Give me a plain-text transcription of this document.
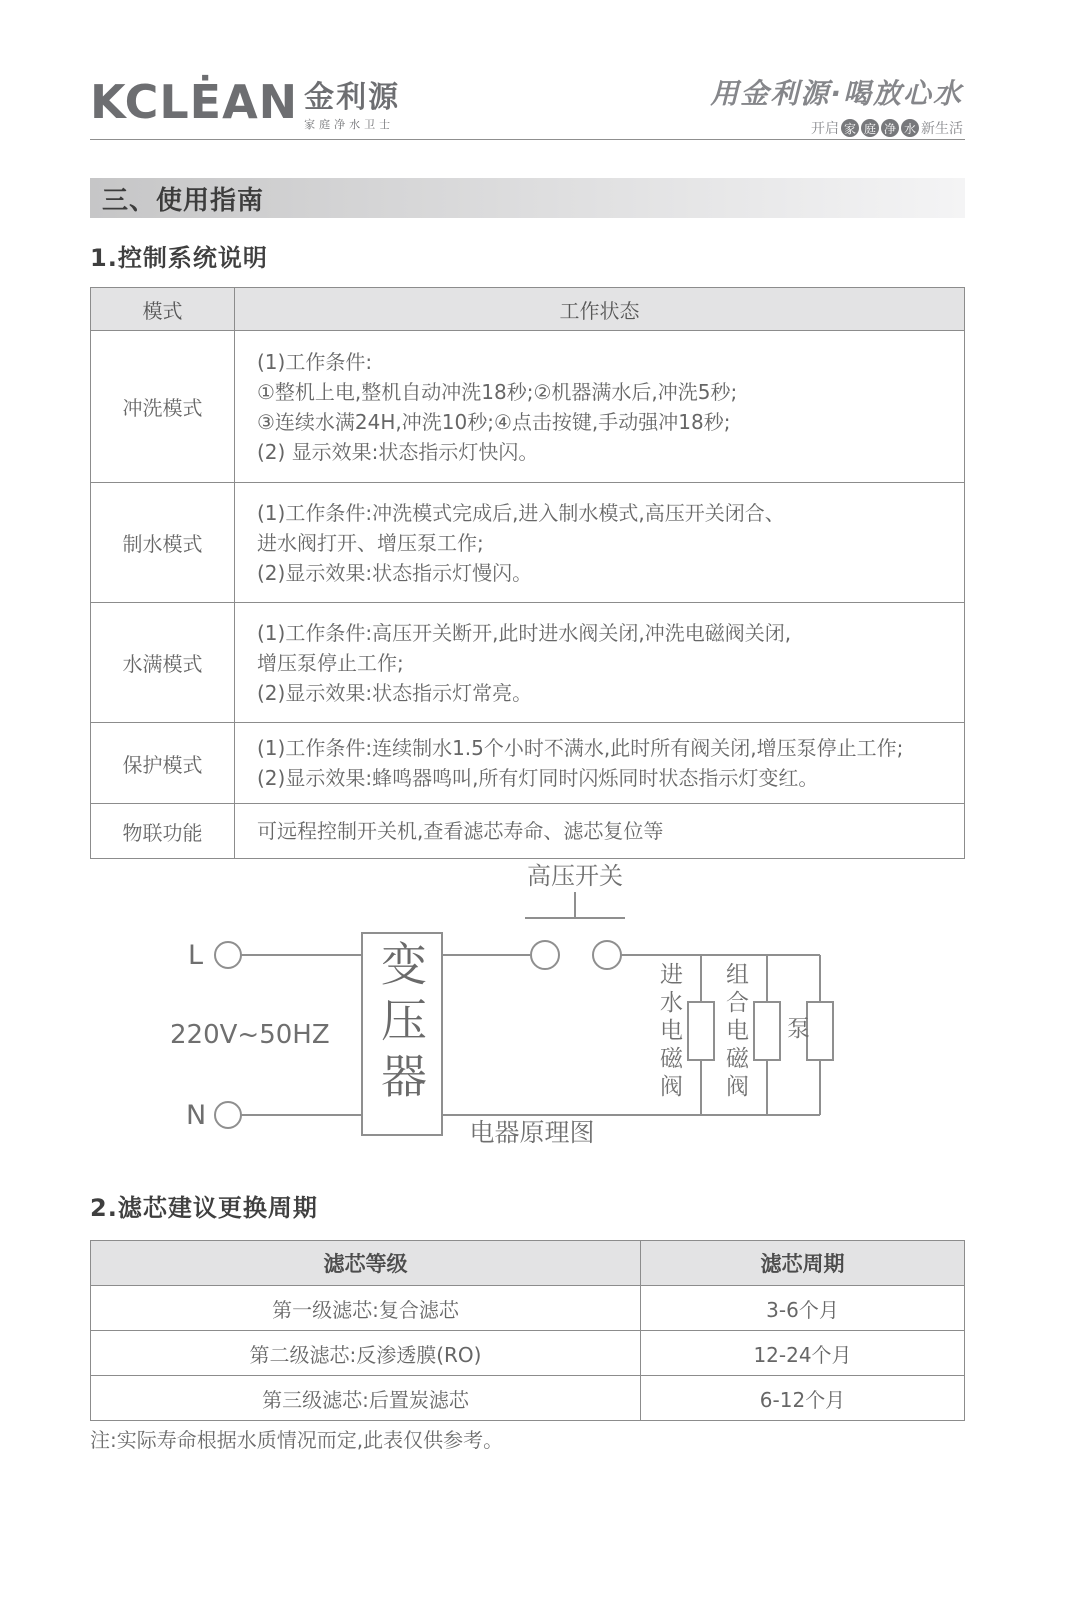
KCLĖAN 金利源
家庭净水卫士
用金利源·喝放心水
开启 家 庭 净 水 新生活
三、使用指南
1.控制系统说明
模式	工作状态
冲洗模式	(1)工作条件:
①整机上电,整机自动冲洗18秒;②机器满水后,冲洗5秒;
③连续水满24H,冲洗10秒;④点击按键,手动强冲18秒;
(2) 显示效果:状态指示灯快闪。

制水模式	(1)工作条件:冲洗模式完成后,进入制水模式,高压开关闭合、
进水阀打开、增压泵工作;
(2)显示效果:状态指示灯慢闪。

水满模式	(1)工作条件:高压开关断开,此时进水阀关闭,冲洗电磁阀关闭,
增压泵停止工作;
(2)显示效果:状态指示灯常亮。

保护模式	(1)工作条件:连续制水1.5个小时不满水,此时所有阀关闭,增压泵停止工作;
(2)显示效果:蜂鸣器鸣叫,所有灯同时闪烁同时状态指示灯变红。

物联功能	可远程控制开关机,查看滤芯寿命、滤芯复位等
L
N
220V~50HZ
高压开关
变压器	进水电磁阀 组合电磁阀 泵
电器原理图
2.滤芯建议更换周期
滤芯等级	滤芯周期
第一级滤芯:复合滤芯	3-6个月
第二级滤芯:反渗透膜(RO)	12-24个月
第三级滤芯:后置炭滤芯	6-12个月
注:实际寿命根据水质情况而定,此表仅供参考。
